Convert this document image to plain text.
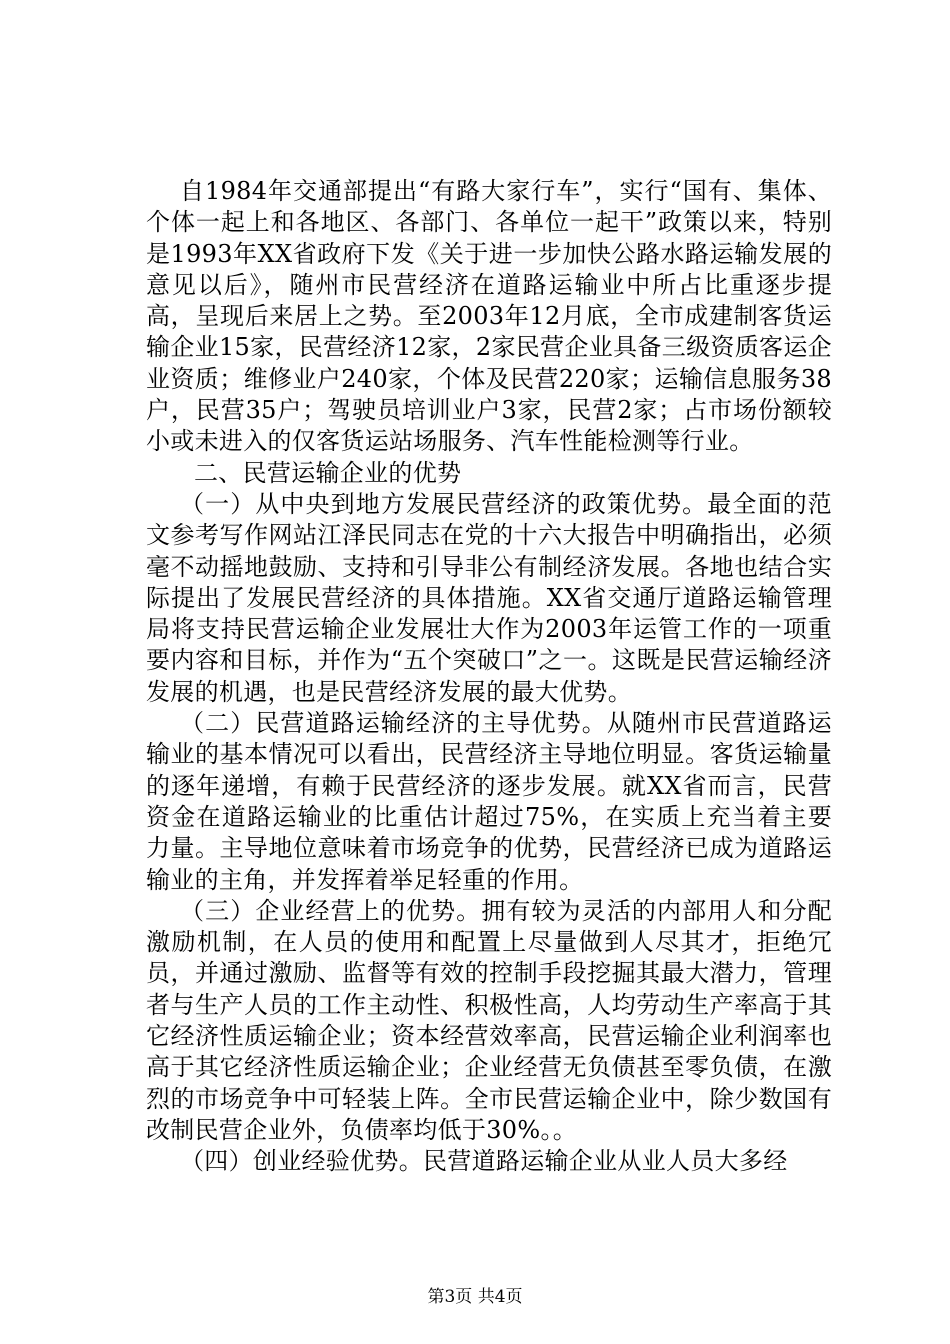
自1984年交通部提出“有路大家行车”，实行“国有、集体、个体一起上和各地区、各部门、各单位一起干”政策以来，特别是1993年XX省政府下发《关于进一步加快公路水路运输发展的意见以后》，随州市民营经济在道路运输业中所占比重逐步提高，呈现后来居上之势。至2003年12月底，全市成建制客货运输企业15家，民营经济12家，2家民营企业具备三级资质客运企业资质；维修业户240家，个体及民营220家；运输信息服务38户，民营35户；驾驶员培训业户3家，民营2家；占市场份额较小或未进入的仅客货运站场服务、汽车性能检测等行业。

二、民营运输企业的优势

（一）从中央到地方发展民营经济的政策优势。最全面的范文参考写作网站江泽民同志在党的十六大报告中明确指出，必须毫不动摇地鼓励、支持和引导非公有制经济发展。各地也结合实际提出了发展民营经济的具体措施。XX省交通厅道路运输管理局将支持民营运输企业发展壮大作为2003年运管工作的一项重要内容和目标，并作为“五个突破口”之一。这既是民营运输经济发展的机遇，也是民营经济发展的最大优势。

（二）民营道路运输经济的主导优势。从随州市民营道路运输业的基本情况可以看出，民营经济主导地位明显。客货运输量的逐年递增，有赖于民营经济的逐步发展。就XX省而言，民营资金在道路运输业的比重估计超过75%，在实质上充当着主要力量。主导地位意味着市场竞争的优势，民营经济已成为道路运输业的主角，并发挥着举足轻重的作用。

（三）企业经营上的优势。拥有较为灵活的内部用人和分配激励机制，在人员的使用和配置上尽量做到人尽其才，拒绝冗员，并通过激励、监督等有效的控制手段挖掘其最大潜力，管理者与生产人员的工作主动性、积极性高，人均劳动生产率高于其它经济性质运输企业；资本经营效率高，民营运输企业利润率也高于其它经济性质运输企业；企业经营无负债甚至零负债，在激烈的市场竞争中可轻装上阵。全市民营运输企业中，除少数国有改制民营企业外，负债率均低于30%。。

（四）创业经验优势。民营道路运输企业从业人员大多经

第3页 共4页
